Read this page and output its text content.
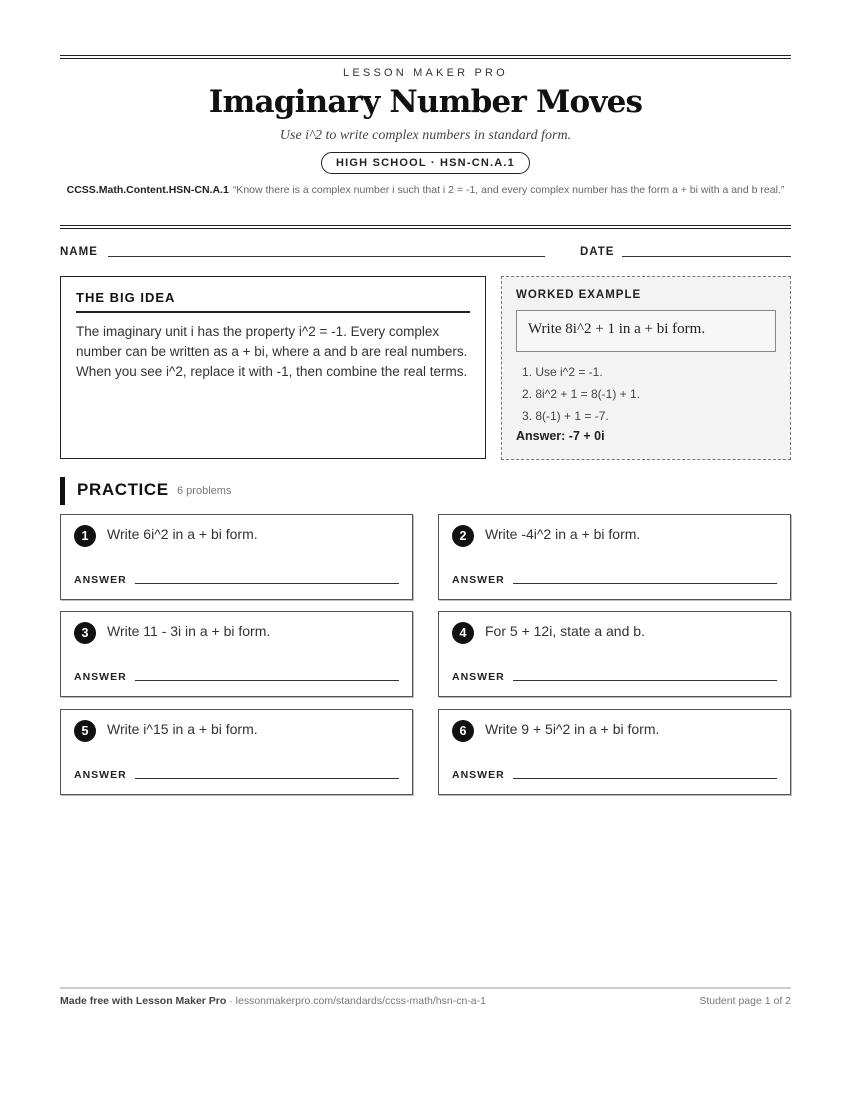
LESSON MAKER PRO
Imaginary Number Moves
Use i^2 to write complex numbers in standard form.
HIGH SCHOOL · HSN-CN.A.1
CCSS.Math.Content.HSN-CN.A.1 “Know there is a complex number i such that i 2 = -1, and every complex number has the form a + bi with a and b real.”
NAME	DATE
THE BIG IDEA
The imaginary unit i has the property i^2 = -1. Every complex number can be written as a + bi, where a and b are real numbers. When you see i^2, replace it with -1, then combine the real terms.
WORKED EXAMPLE
Write 8i^2 + 1 in a + bi form.
1. Use i^2 = -1.
2. 8i^2 + 1 = 8(-1) + 1.
3. 8(-1) + 1 = -7.
Answer: -7 + 0i
PRACTICE 6 problems
1	Write 6i^2 in a + bi form.
ANSWER
2	Write -4i^2 in a + bi form.
ANSWER
3	Write 11 - 3i in a + bi form.
ANSWER
4	For 5 + 12i, state a and b.
ANSWER
5	Write i^15 in a + bi form.
ANSWER
6	Write 9 + 5i^2 in a + bi form.
ANSWER
Made free with Lesson Maker Pro · lessonmakerpro.com/standards/ccss-math/hsn-cn-a-1	Student page 1 of 2
